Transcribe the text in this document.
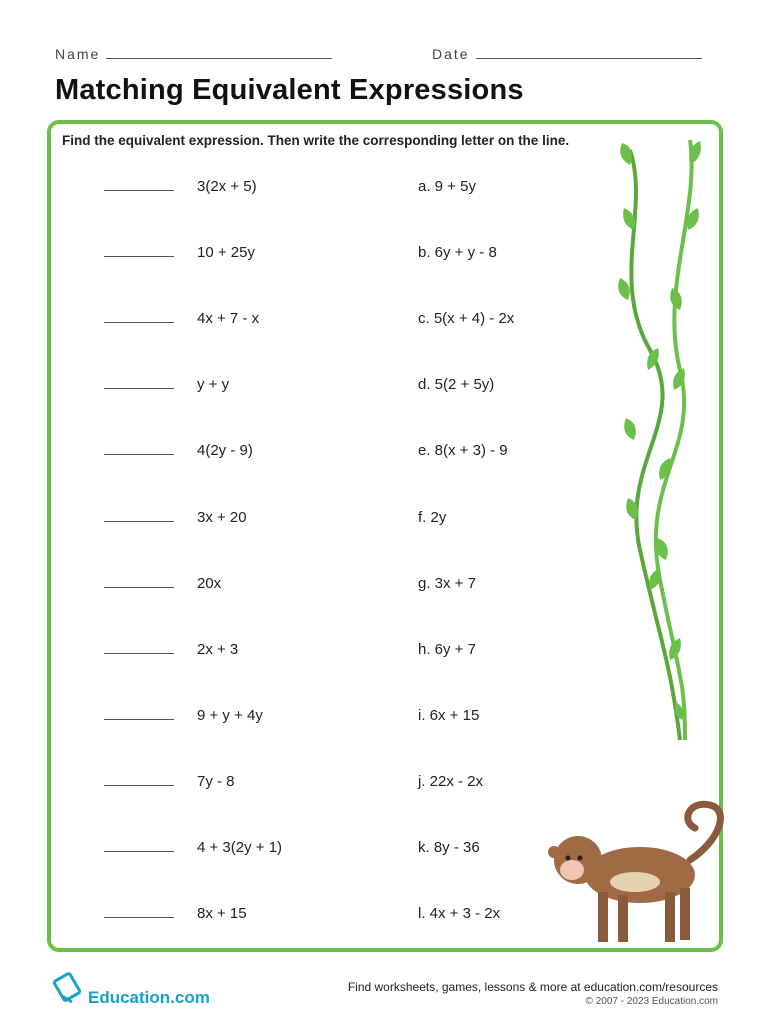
Name	Date
Matching Equivalent Expressions
Find the equivalent expression. Then write the corresponding letter on the line.
3(2x + 5)	a. 9 + 5y
10 + 25y	b. 6y + y - 8
4x + 7 - x	c. 5(x + 4) - 2x
y + y	d. 5(2 + 5y)
4(2y - 9)	e. 8(x + 3) - 9
3x + 20	f. 2y
20x	g. 3x + 7
2x + 3	h. 6y + 7
9 + y + 4y	i. 6x + 15
7y - 8	j. 22x - 2x
4 + 3(2y + 1)	k. 8y - 36
8x + 15	l. 4x + 3 - 2x
Education.com
Find worksheets, games, lessons & more at education.com/resources
© 2007 - 2023 Education.com
